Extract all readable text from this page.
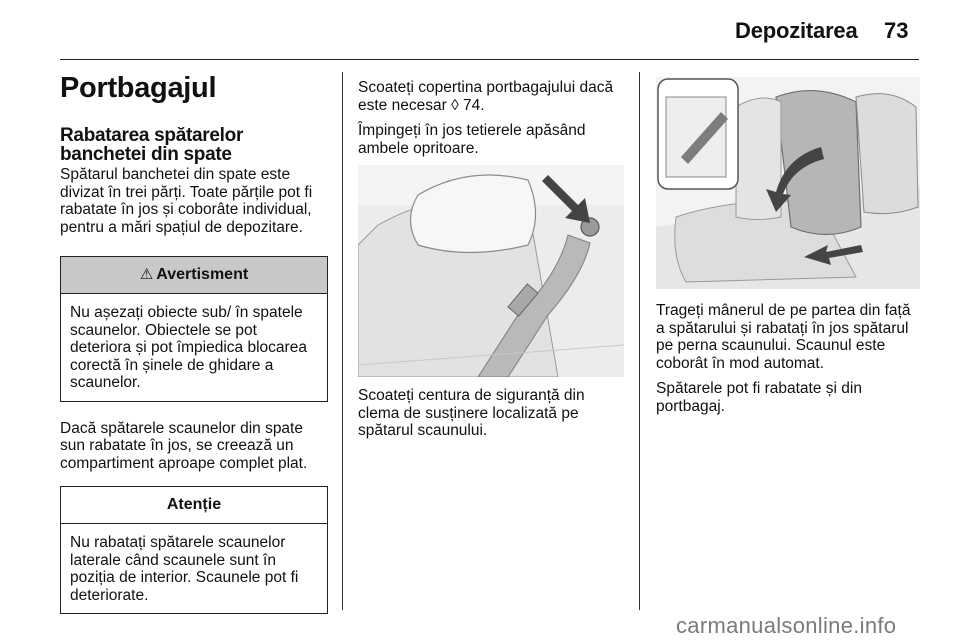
Depozitarea 73
Portbagajul
Rabatarea spătarelor banchetei din spate

Spătarul banchetei din spate este divizat în trei părți. Toate părțile pot fi rabatate în jos și coborâte individual, pentru a mări spațiul de depozitare.

⚠ Avertisment
Nu așezați obiecte sub/ în spatele scaunelor. Obiectele se pot deteriora și pot împiedica blocarea corectă în șinele de ghidare a scaunelor.

Dacă spătarele scaunelor din spate sun rabatate în jos, se creează un compartiment aproape complet plat.

Atenție
Nu rabatați spătarele scaunelor laterale când scaunele sunt în poziția de interior. Scaunele pot fi deteriorate.

Scoateți copertina portbagajului dacă este necesar ◊ 74.

Împingeți în jos tetierele apăsând ambele opritoare.

Scoateți centura de siguranță din clema de susținere localizată pe spătarul scaunului.

Trageți mânerul de pe partea din față a spătarului și rabatați în jos spătarul pe perna scaunului. Scaunul este coborât în mod automat.

Spătarele pot fi rabatate și din portbagaj.

carmanualsonline.info
